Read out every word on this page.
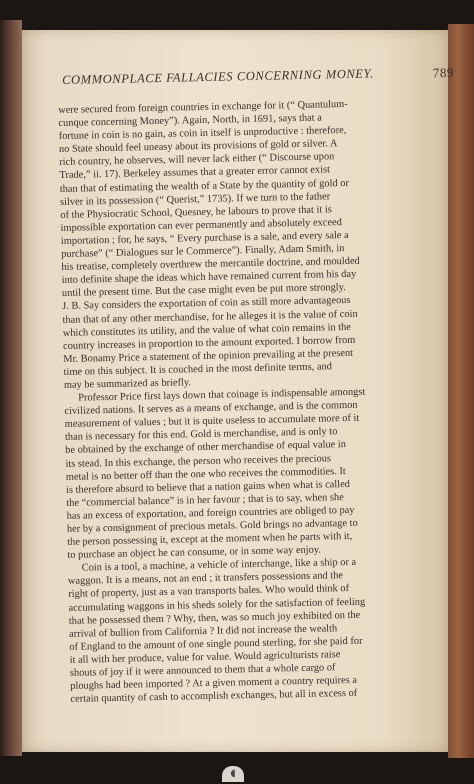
COMMONPLACE FALLACIES CONCERNING MONEY.	789
were secured from foreign countries in exchange for it (“ Quantulum-
cunque concerning Money”). Again, North, in 1691, says that a
fortune in coin is no gain, as coin in itself is unproductive : therefore,
no State should feel uneasy about its provisions of gold or silver. A
rich country, he observes, will never lack either (“ Discourse upon
Trade,” ii. 17). Berkeley assumes that a greater error cannot exist
than that of estimating the wealth of a State by the quantity of gold or
silver in its possession (“ Querist,” 1735). If we turn to the father
of the Physiocratic School, Quesney, he labours to prove that it is
impossible exportation can ever permanently and absolutely exceed
importation ; for, he says, “ Every purchase is a sale, and every sale a
purchase” (“ Dialogues sur le Commerce”). Finally, Adam Smith, in
his treatise, completely overthrew the mercantile doctrine, and moulded
into definite shape the ideas which have remained current from his day
until the present time. But the case might even be put more strongly.
J. B. Say considers the exportation of coin as still more advantageous
than that of any other merchandise, for he alleges it is the value of coin
which constitutes its utility, and the value of what coin remains in the
country increases in proportion to the amount exported. I borrow from
Mr. Bonamy Price a statement of the opinion prevailing at the present
time on this subject. It is couched in the most definite terms, and
may be summarized as briefly.
Professor Price first lays down that coinage is indispensable amongst
civilized nations. It serves as a means of exchange, and is the common
measurement of values ; but it is quite useless to accumulate more of it
than is necessary for this end. Gold is merchandise, and is only to
be obtained by the exchange of other merchandise of equal value in
its stead. In this exchange, the person who receives the precious
metal is no better off than the one who receives the commodities. It
is therefore absurd to believe that a nation gains when what is called
the “commercial balance” is in her favour ; that is to say, when she
has an excess of exportation, and foreign countries are obliged to pay
her by a consignment of precious metals. Gold brings no advantage to
the person possessing it, except at the moment when he parts with it,
to purchase an object he can consume, or in some way enjoy.
Coin is a tool, a machine, a vehicle of interchange, like a ship or a
waggon. It is a means, not an end ; it transfers possessions and the
right of property, just as a van transports bales. Who would think of
accumulating waggons in his sheds solely for the satisfaction of feeling
that he possessed them ? Why, then, was so much joy exhibited on the
arrival of bullion from California ? It did not increase the wealth
of England to the amount of one single pound sterling, for she paid for
it all with her produce, value for value. Would agriculturists raise
shouts of joy if it were announced to them that a whole cargo of
ploughs had been imported ? At a given moment a country requires a
certain quantity of cash to accomplish exchanges, but all in excess of
◖
